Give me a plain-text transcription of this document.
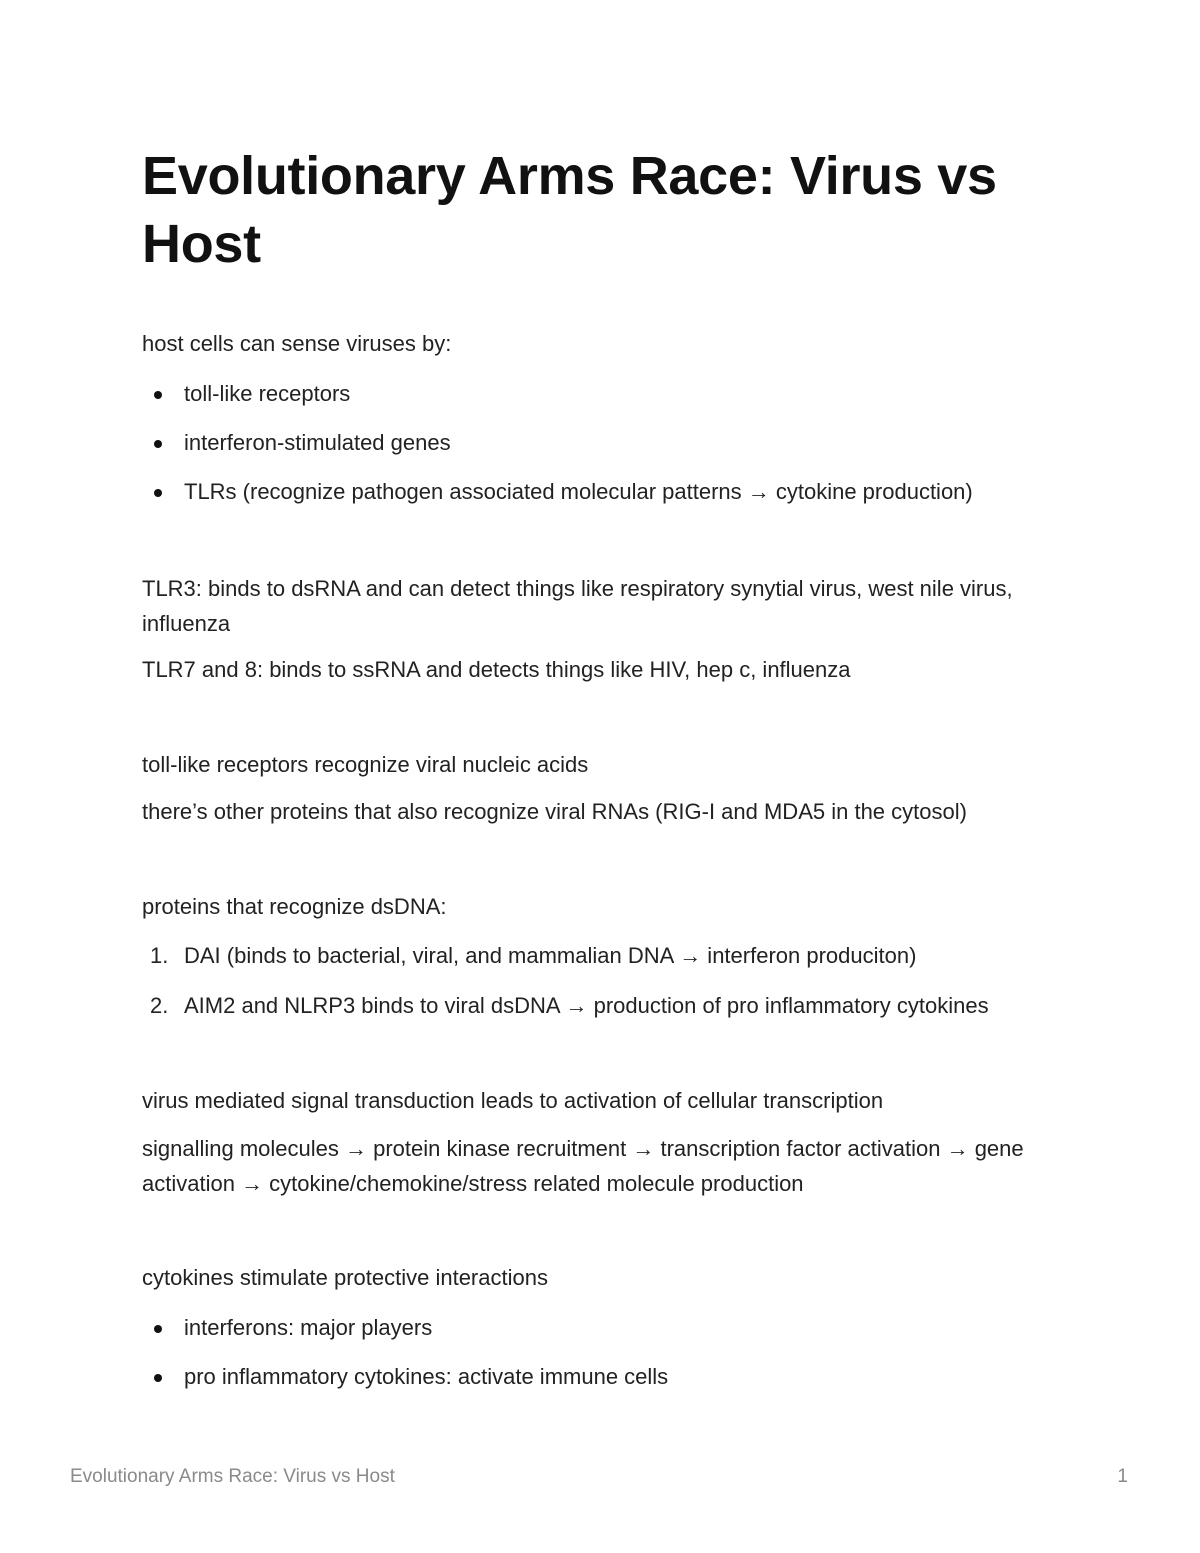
Evolutionary Arms Race: Virus vs Host

host cells can sense viruses by:

toll-like receptors
interferon-stimulated genes
TLRs (recognize pathogen associated molecular patterns → cytokine production)

TLR3: binds to dsRNA and can detect things like respiratory synytial virus, west nile virus, influenza

TLR7 and 8: binds to ssRNA and detects things like HIV, hep c, influenza

toll-like receptors recognize viral nucleic acids

there’s other proteins that also recognize viral RNAs (RIG-I and MDA5 in the cytosol)

proteins that recognize dsDNA:

1. DAI (binds to bacterial, viral, and mammalian DNA → interferon produciton)
2. AIM2 and NLRP3 binds to viral dsDNA → production of pro inflammatory cytokines

virus mediated signal transduction leads to activation of cellular transcription

signalling molecules → protein kinase recruitment → transcription factor activation → gene activation → cytokine/chemokine/stress related molecule production

cytokines stimulate protective interactions

interferons: major players
pro inflammatory cytokines: activate immune cells
Evolutionary Arms Race: Virus vs Host	1
